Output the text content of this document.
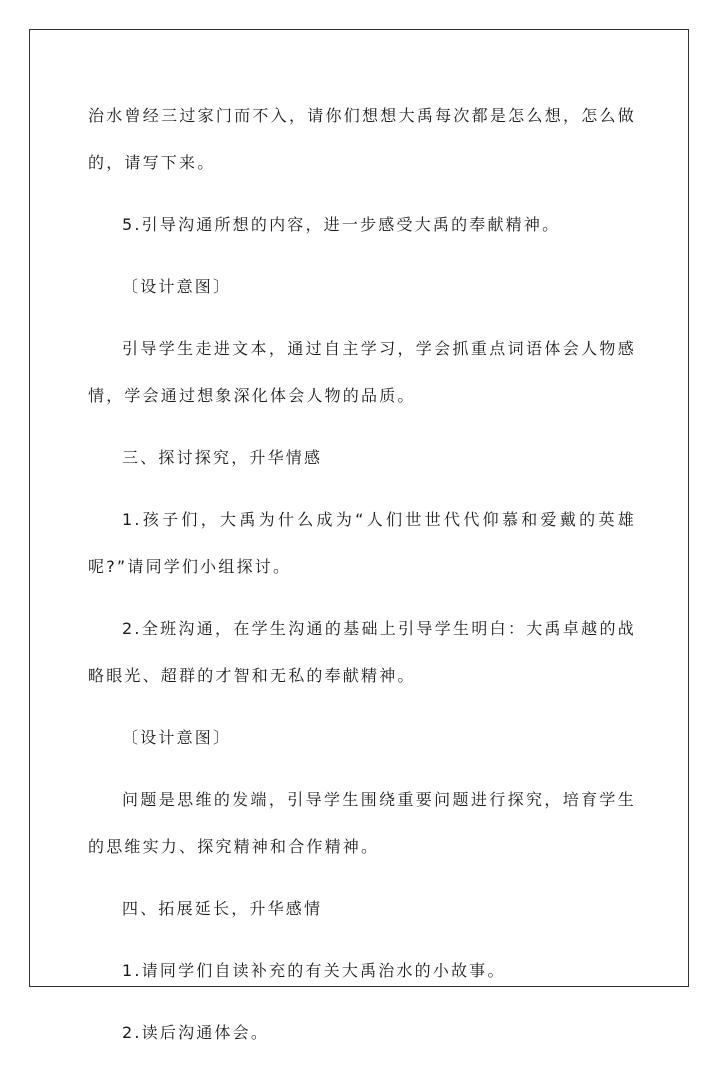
治水曾经三过家门而不入，请你们想想大禹每次都是怎么想，怎么做的，请写下来。

5.引导沟通所想的内容，进一步感受大禹的奉献精神。

〔设计意图〕

引导学生走进文本，通过自主学习，学会抓重点词语体会人物感情，学会通过想象深化体会人物的品质。

三、探讨探究，升华情感

1.孩子们，大禹为什么成为“人们世世代代仰慕和爱戴的英雄呢?”请同学们小组探讨。

2.全班沟通，在学生沟通的基础上引导学生明白：大禹卓越的战略眼光、超群的才智和无私的奉献精神。

〔设计意图〕

问题是思维的发端，引导学生围绕重要问题进行探究，培育学生的思维实力、探究精神和合作精神。

四、拓展延长，升华感情

1.请同学们自读补充的有关大禹治水的小故事。

2.读后沟通体会。
